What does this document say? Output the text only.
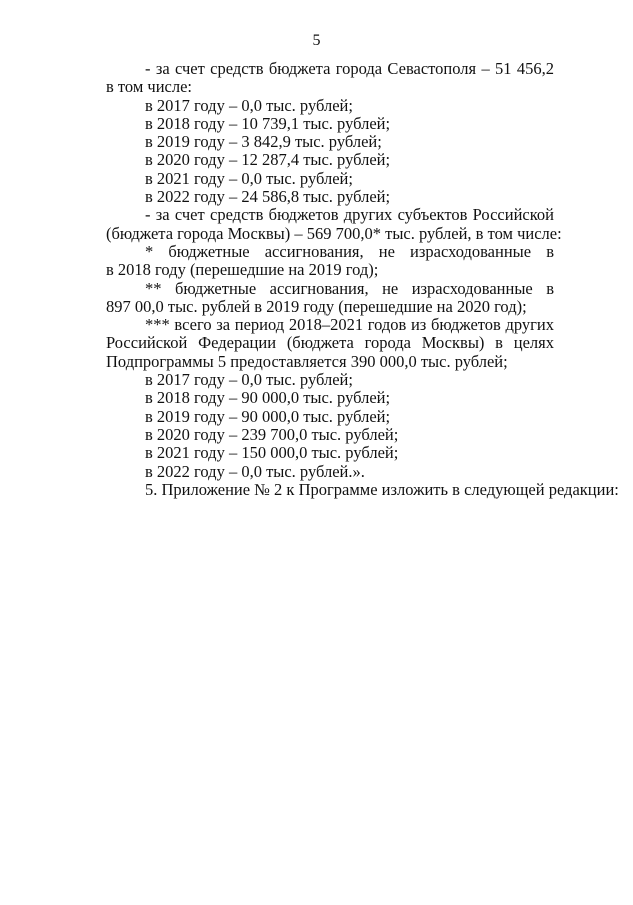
5
- за счет средств бюджета города Севастополя – 51 456,2
в том числе:
в 2017 году – 0,0 тыс. рублей;
в 2018 году – 10 739,1 тыс. рублей;
в 2019 году – 3 842,9 тыс. рублей;
в 2020 году – 12 287,4 тыс. рублей;
в 2021 году – 0,0 тыс. рублей;
в 2022 году – 24 586,8 тыс. рублей;
- за счет средств бюджетов других субъектов Российской
(бюджета города Москвы) – 569 700,0* тыс. рублей, в том числе:
* бюджетные ассигнования, не израсходованные в
в 2018 году (перешедшие на 2019 год);
** бюджетные ассигнования, не израсходованные в
897 00,0 тыс. рублей в 2019 году (перешедшие на 2020 год);
*** всего за период 2018–2021 годов из бюджетов других
Российской Федерации (бюджета города Москвы) в целях
Подпрограммы 5 предоставляется 390 000,0 тыс. рублей;
в 2017 году – 0,0 тыс. рублей;
в 2018 году – 90 000,0 тыс. рублей;
в 2019 году – 90 000,0 тыс. рублей;
в 2020 году – 239 700,0 тыс. рублей;
в 2021 году – 150 000,0 тыс. рублей;
в 2022 году – 0,0 тыс. рублей.».
5. Приложение № 2 к Программе изложить в следующей редакции:
